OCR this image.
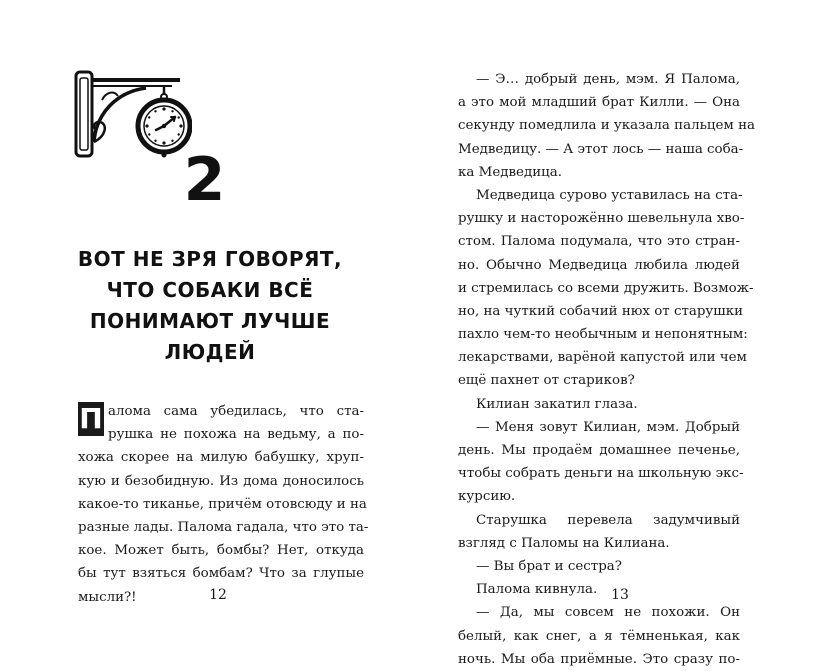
2
ВОТ НЕ ЗРЯ ГОВОРЯТ,
ЧТО СОБАКИ ВСЁ
ПОНИМАЮТ ЛУЧШЕ
ЛЮДЕЙ
П алома сама убедилась, что ста-
рушка не похожа на ведьму, а по-
хожа скорее на милую бабушку, хруп-
кую и безобидную. Из дома доносилось
какое-то тиканье, причём отовсюду и на
разные лады. Палома гадала, что это та-
кое. Может быть, бомбы? Нет, откуда
бы тут взяться бомбам? Что за глупые
мысли?!	12
— Э… добрый день, мэм. Я Палома,
а это мой младший брат Килли. — Она
секунду помедлила и указала пальцем на
Медведицу. — А этот лось — наша соба-
ка Медведица.
Медведица сурово уставилась на ста-
рушку и насторожённо шевельнула хво-
стом. Палома подумала, что это стран-
но. Обычно Медведица любила людей
и стремилась со всеми дружить. Возмож-
но, на чуткий собачий нюх от старушки
пахло чем-то необычным и непонятным:
лекарствами, варёной капустой или чем
ещё пахнет от стариков?
Килиан закатил глаза.
— Меня зовут Килиан, мэм. Добрый
день. Мы продаём домашнее печенье,
чтобы собрать деньги на школьную экс-
курсию.
Старушка перевела задумчивый
взгляд с Паломы на Килиана.
— Вы брат и сестра?
Палома кивнула.
— Да, мы совсем не похожи. Он
белый, как снег, а я тёмненькая, как
ночь. Мы оба приёмные. Это сразу по-
13
